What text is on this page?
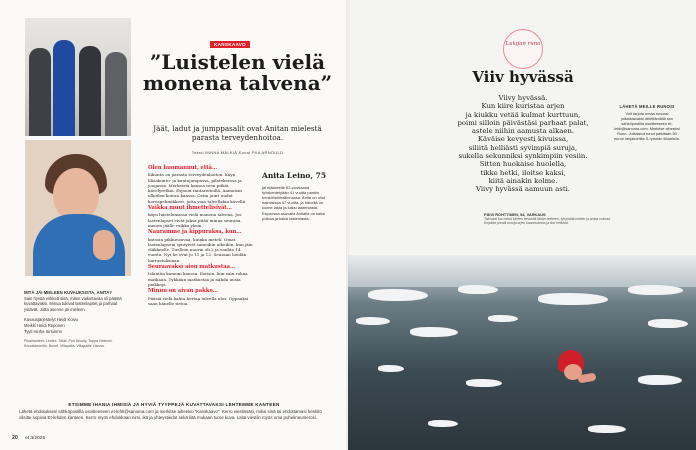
MITÄ JÄI MIELEEN KUVAUKSISTA, ANITA?
Sain hyvää virkkeä siitä, miten vaikuttavaa oli päästä kuvattavaksi. Minua tukivat lastenlapset ja parhaat ystävät. Jotta asenne jäi mieleen.
Kuvausjärjestelyt Heidi Koivu
Meikki Heidi Reponen
Tyyli Hinha Sirsinmo
Pikaihanteet: Lindex. Takki: Pori Woolly. Toppa Helsinki. Korvalämmitin: Bonel. Villapaita: Villapaita: Hanna.
KANSKAAVO
”Luistelen vielä monena talvena”
Jäät, ladut ja jumppasalit ovat Anitan mielestä parasta terveydenhoitoa.
Teksti MINNA MÄLKIÄ Kuvat PIIA ARNOULD
Olen huomannut, että…

liikunta on parasta terveydenhoitoa. Käyn lihaskunto- ja kuntojumpassa, pilateksessa ja joogassa. Merkeistä kanssa teen pitkiä kävelyretkiä. Espoon rantareiteillä. Aamuisin ulkoilen koiran kanssa. Ostin juuri uudet korvapehmikkeet, jotta voin talvellakin kävellä.

Vaikka muut ihmettelisivät…

käyn luistelemassa vielä monena talvena. Jos lastenlapset eivät jaksa pitää minua seurana, menen jäälle vaikka yksin.

Nauramme ja kippuraksa, kun…

katsoin pikkuvauvaa, kuinka meteli. Omat lastenlapseni syntyivät samoihin aikoihin, kun jäin eläkkeelle. Tuolloin nuorin oli 2 ja vanhin 14 vuotta. Nyt he ovat jo 11 ja 12. Seuraan heidän harrastuksiaan.

Seuraavaksi aion matkustaa…

Islantiin kamuni kanssa. Iloitsin, kun sain rahaa matkaan. Tykkään matkustaa ja nähdä uusia paikkoja.

Minun on aivan pakko…

Pääsiä vielä kahta kertaa talvella ulos. Oppaaksi saan hänelle tietoa.

Anita Leino, 75
jäi eläkkeelle 62-vuotiaana työskentelyään 41 vuotta pankin henkilöstöhallinnossa. Anita on ollut naimisissa 47 vuotta, ja hänellä on kolme lasta ja kaksi lastenlasta. Espoossa asuvalla Anitalla on kaksi poikaa ja kaksi lastenlasta.
ETSIMME IHANIA IHMISIÄ JA HYVIÄ TYYPPEJÄ KUVATTAVAKSI LEHTEMME KANTEEN
Lähetä ehdotuksesi sähköpostilla osoitteeseen et-lehti@sanoma.com ja merkitse aiheeksi ”Kanskaavo”. Kerro viestissäsi, miksi sinä tai ehdottamasi henkilö olisitte sopivia Et-lehden kanteen. Kerro myös ehdokkaan nimi, ikä ja yhteystiedot sekä liitä mukaan tuore kuva. Laita viestiin myös oma puhelinnumerosi.
20 et 3/2025
Lukijan runo
Viiv hyvässä
Viivy hyvässä.
Kun kiire kuristaa arjen
ja kiukku vetää kulmat kurttuun,
poimi silloin päivästäsi parhaat palat,
astele niihin aamusta alkaen.
Käväise kevyesti kivuissa,
siliitä helliästi syvimpiä suruja,
sukella sekunniksi synkimpiin vesiin.
Sitten huokaise huolella,
tikke hetki, iloitse kaksi,
kiitä ainakin kolme.
Viivy hyvässä aamuun asti.
PÄIVI ROHTTINEN, 54, VARKAUS
Talviuinti tuo minut kiireen keskeltä tähän hetkeen, tyhjentää mielen ja antaa voimaa. Kirjoitan pieniä runoja arjen kauneudesta ja ilon hetkistä.
LÄHETÄ MEILLE RUNOSI
Voit tarjota omaa runoasi julkaistavaksi lähettämällä sen sähköpostilla osoitteeseen et-lehti@sanoma.com. Merkitse aiheeksi Runo. Julkaistut runot palkitaan 50 euron lahjakortilla S-ryhmän liikkeisiin.
